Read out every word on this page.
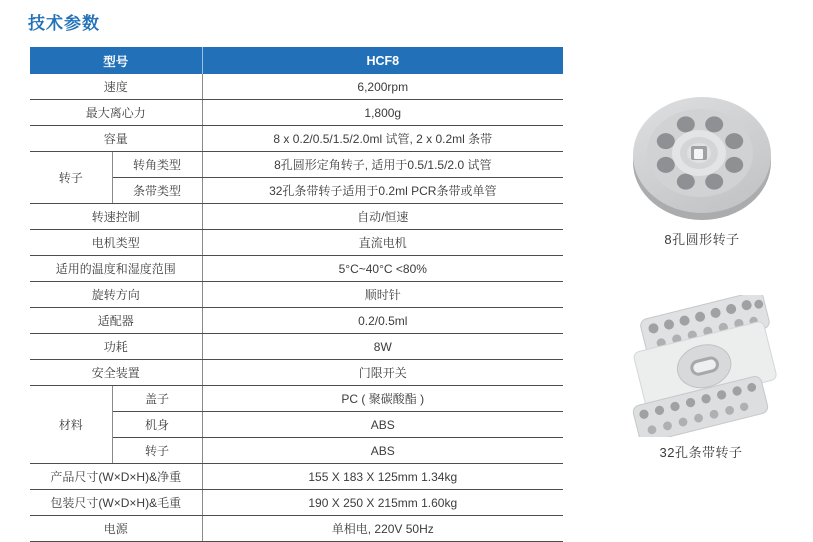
技术参数
型号		HCF8
速度		6,200rpm
最大离心力		1,800g
容量		8 x 0.2/0.5/1.5/2.0ml 试管, 2 x 0.2ml 条带
转子	转角类型	8孔圆形定角转子, 适用于0.5/1.5/2.0 试管
	条带类型	32孔条带转子适用于0.2ml PCR条带或单管
转速控制		自动/恒速
电机类型		直流电机
适用的温度和湿度范围		5°C~40°C <80%
旋转方向		顺时针
适配器		0.2/0.5ml
功耗		8W
安全装置		门限开关
材料	盖子	PC ( 聚碳酸酯 )
	机身	ABS
	转子	ABS
产品尺寸(W×D×H)&净重		155 X 183 X 125mm 1.34kg
包装尺寸(W×D×H)&毛重		190 X 250 X 215mm 1.60kg
电源		单相电, 220V 50Hz
8孔圆形转子
32孔条带转子
